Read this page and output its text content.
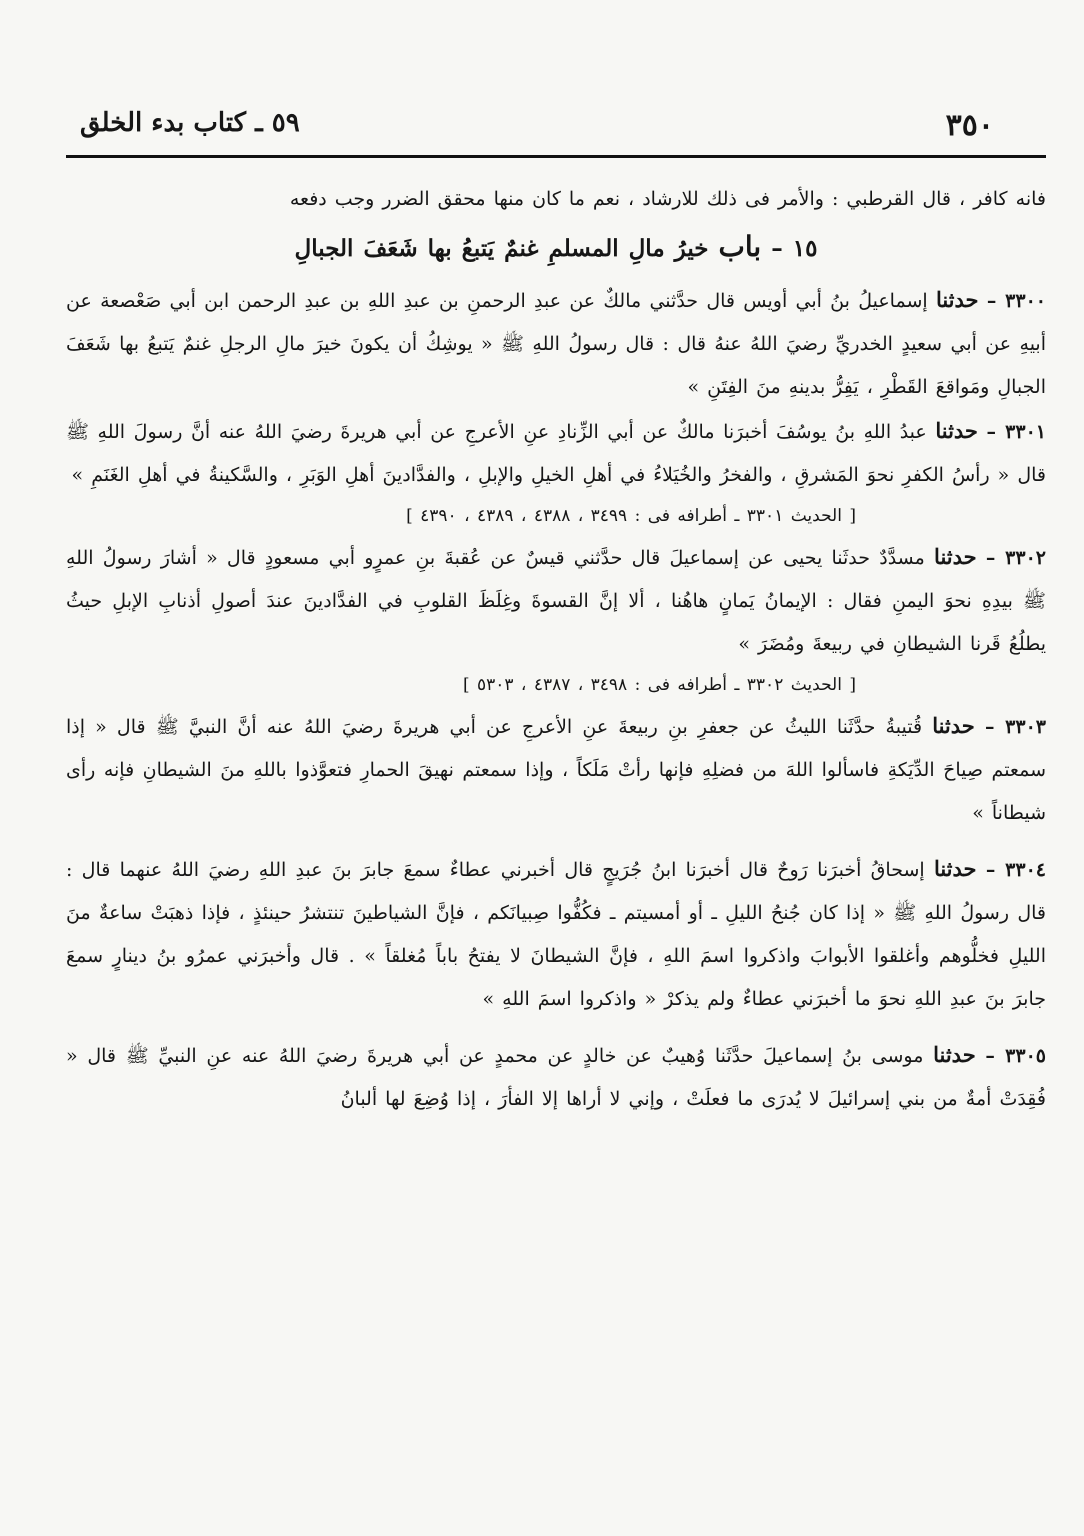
٣٥٠
٥٩ ـ كتاب بدء الخلق

فانه كافر ، قال القرطبي : والأمر فى ذلك للارشاد ، نعم ما كان منها محقق الضرر وجب دفعه

١٥ – باب خيرُ مالِ المسلمِ غنمٌ يَتبعُ بها شَعَفَ الجبالِ

٣٣٠٠ – حدثنا إسماعيلُ بنُ أبي أويس قال حدَّثني مالكٌ عن عبدِ الرحمنِ بن عبدِ اللهِ بن عبدِ الرحمن ابن أبي صَعْصعة عن أبيهِ عن أبي سعيدٍ الخدريِّ رضيَ اللهُ عنهُ قال : قال رسولُ اللهِ ﷺ « يوشِكُ أن يكونَ خيرَ مالِ الرجلِ غنمٌ يَتبعُ بها شَعَفَ الجبالِ ومَواقعَ القَطْرِ ، يَفِرُّ بدينهِ منَ الفِتَنِ »

٣٣٠١ – حدثنا عبدُ اللهِ بنُ يوسُفَ أخبرَنا مالكٌ عن أبي الزِّنادِ عنِ الأعرجِ عن أبي هريرةَ رضيَ اللهُ عنه أنَّ رسولَ اللهِ ﷺ قال « رأسُ الكفرِ نحوَ المَشرقِ ، والفخرُ والخُيَلاءُ في أهلِ الخيلِ والإبلِ ، والفدَّادينَ أهلِ الوَبَرِ ، والسَّكينةُ في أهلِ الغَنَمِ »

[ الحديث ٣٣٠١ ـ أطرافه فى : ٣٤٩٩ ، ٤٣٨٨ ، ٤٣٨٩ ، ٤٣٩٠ ]

٣٣٠٢ – حدثنا مسدَّدٌ حدثَنا يحيى عن إسماعيلَ قال حدَّثني قيسٌ عن عُقبةَ بنِ عمرٍو أبي مسعودٍ قال « أشارَ رسولُ اللهِ ﷺ بيدِهِ نحوَ اليمنِ فقال : الإيمانُ يَمانٍ هاهُنا ، ألا إنَّ القسوةَ وغِلَظَ القلوبِ في الفدَّادينَ عندَ أصولِ أذنابِ الإبلِ حيثُ يطلُعُ قَرنا الشيطانِ في ربيعةَ ومُضَرَ »

[ الحديث ٣٣٠٢ ـ أطرافه فى : ٣٤٩٨ ، ٤٣٨٧ ، ٥٣٠٣ ]

٣٣٠٣ – حدثنا قُتيبةُ حدَّثَنا الليثُ عن جعفرِ بنِ ربيعةَ عنِ الأعرجِ عن أبي هريرةَ رضيَ اللهُ عنه أنَّ النبيَّ ﷺ قال « إذا سمعتم صِياحَ الدِّيَكةِ فاسألوا اللهَ من فضلِهِ فإنها رأتْ مَلَكاً ، وإذا سمعتم نهيقَ الحمارِ فتعوَّذوا باللهِ منَ الشيطانِ فإنه رأى شيطاناً »

٣٣٠٤ – حدثنا إسحاقُ أخبرَنا رَوحٌ قال أخبرَنا ابنُ جُرَيجٍ قال أخبرني عطاءٌ سمعَ جابرَ بنَ عبدِ اللهِ رضيَ اللهُ عنهما قال : قال رسولُ اللهِ ﷺ « إذا كان جُنحُ الليلِ ـ أو أمسيتم ـ فكُفُّوا صِبيانَكم ، فإنَّ الشياطينَ تنتشرُ حينئذٍ ، فإذا ذهبَتْ ساعةٌ منَ الليلِ فخلُّوهم وأغلقوا الأبوابَ واذكروا اسمَ اللهِ ، فإنَّ الشيطانَ لا يفتحُ باباً مُغلقاً » . قال وأخبرَني عمرُو بنُ دينارٍ سمعَ جابرَ بنَ عبدِ اللهِ نحوَ ما أخبرَني عطاءٌ ولم يذكرْ « واذكروا اسمَ اللهِ »

٣٣٠٥ – حدثنا موسى بنُ إسماعيلَ حدَّثَنا وُهيبٌ عن خالدٍ عن محمدٍ عن أبي هريرةَ رضيَ اللهُ عنه عنِ النبيِّ ﷺ قال « فُقِدَتْ أمةٌ من بني إسرائيلَ لا يُدرَى ما فعلَتْ ، وإني لا أراها إلا الفأرَ ، إذا وُضِعَ لها ألبانُ
